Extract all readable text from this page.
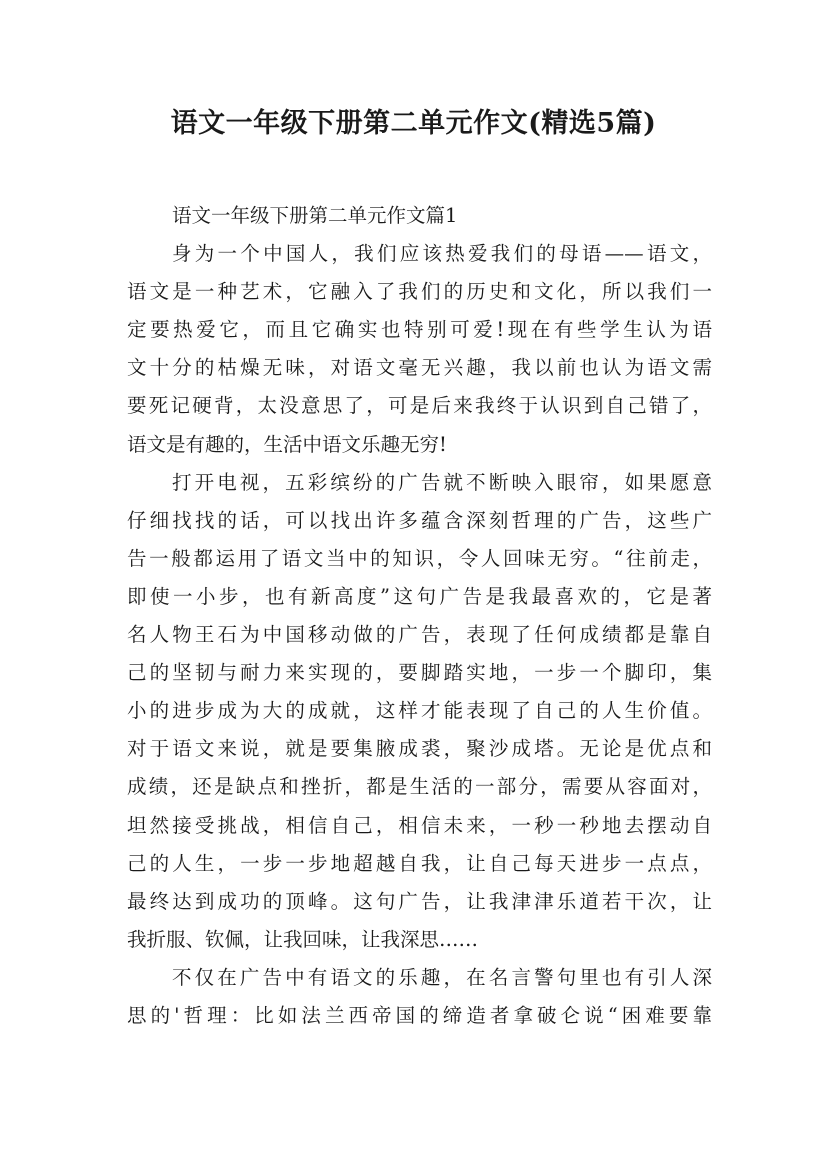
语文一年级下册第二单元作文(精选5篇)
语文一年级下册第二单元作文篇1
身为一个中国人，我们应该热爱我们的母语——语文，
语文是一种艺术，它融入了我们的历史和文化，所以我们一
定要热爱它，而且它确实也特别可爱!现在有些学生认为语
文十分的枯燥无味，对语文毫无兴趣，我以前也认为语文需
要死记硬背，太没意思了，可是后来我终于认识到自己错了，
语文是有趣的，生活中语文乐趣无穷!
打开电视，五彩缤纷的广告就不断映入眼帘，如果愿意
仔细找找的话，可以找出许多蕴含深刻哲理的广告，这些广
告一般都运用了语文当中的知识，令人回味无穷。“往前走，
即使一小步，也有新高度”这句广告是我最喜欢的，它是著
名人物王石为中国移动做的广告，表现了任何成绩都是靠自
己的坚韧与耐力来实现的，要脚踏实地，一步一个脚印，集
小的进步成为大的成就，这样才能表现了自己的人生价值。
对于语文来说，就是要集腋成裘，聚沙成塔。无论是优点和
成绩，还是缺点和挫折，都是生活的一部分，需要从容面对，
坦然接受挑战，相信自己，相信未来，一秒一秒地去摆动自
己的人生，一步一步地超越自我，让自己每天进步一点点，
最终达到成功的顶峰。这句广告，让我津津乐道若干次，让
我折服、钦佩，让我回味，让我深思……
不仅在广告中有语文的乐趣，在名言警句里也有引人深
思的'哲理：比如法兰西帝国的缔造者拿破仑说“困难要靠
